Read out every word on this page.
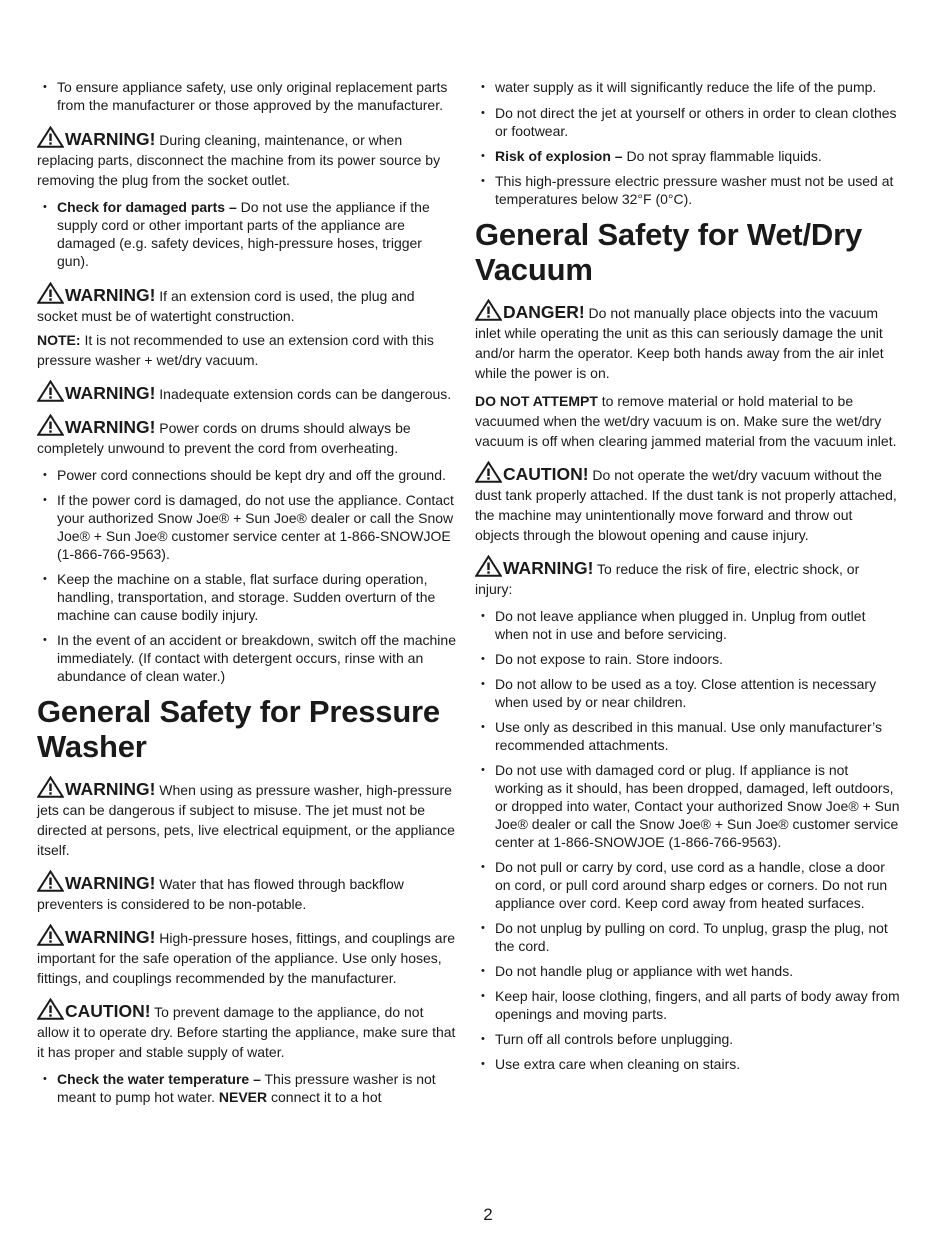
• To ensure appliance safety, use only original replacement parts from the manufacturer or those approved by the manufacturer.
WARNING! During cleaning, maintenance, or when replacing parts, disconnect the machine from its power source by removing the plug from the socket outlet.
• Check for damaged parts – Do not use the appliance if the supply cord or other important parts of the appliance are damaged (e.g. safety devices, high-pressure hoses, trigger gun).
WARNING! If an extension cord is used, the plug and socket must be of watertight construction.
NOTE: It is not recommended to use an extension cord with this pressure washer + wet/dry vacuum.
WARNING! Inadequate extension cords can be dangerous.
WARNING! Power cords on drums should always be completely unwound to prevent the cord from overheating.
• Power cord connections should be kept dry and off the ground.
• If the power cord is damaged, do not use the appliance. Contact your authorized Snow Joe® + Sun Joe® dealer or call the Snow Joe® + Sun Joe® customer service center at 1-866-SNOWJOE (1-866-766-9563).
• Keep the machine on a stable, flat surface during operation, handling, transportation, and storage. Sudden overturn of the machine can cause bodily injury.
• In the event of an accident or breakdown, switch off the machine immediately. (If contact with detergent occurs, rinse with an abundance of clean water.)
General Safety for Pressure Washer
WARNING! When using as pressure washer, high-pressure jets can be dangerous if subject to misuse. The jet must not be directed at persons, pets, live electrical equipment, or the appliance itself.
WARNING! Water that has flowed through backflow preventers is considered to be non-potable.
WARNING! High-pressure hoses, fittings, and couplings are important for the safe operation of the appliance. Use only hoses, fittings, and couplings recommended by the manufacturer.
CAUTION! To prevent damage to the appliance, do not allow it to operate dry. Before starting the appliance, make sure that it has proper and stable supply of water.
• Check the water temperature – This pressure washer is not meant to pump hot water. NEVER connect it to a hot
• water supply as it will significantly reduce the life of the pump.
• Do not direct the jet at yourself or others in order to clean clothes or footwear.
• Risk of explosion – Do not spray flammable liquids.
• This high-pressure electric pressure washer must not be used at temperatures below 32°F (0°C).
General Safety for Wet/Dry Vacuum
DANGER! Do not manually place objects into the vacuum inlet while operating the unit as this can seriously damage the unit and/or harm the operator. Keep both hands away from the air inlet while the power is on.
DO NOT ATTEMPT to remove material or hold material to be vacuumed when the wet/dry vacuum is on. Make sure the wet/dry vacuum is off when clearing jammed material from the vacuum inlet.
CAUTION! Do not operate the wet/dry vacuum without the dust tank properly attached. If the dust tank is not properly attached, the machine may unintentionally move forward and throw out objects through the blowout opening and cause injury.
WARNING! To reduce the risk of fire, electric shock, or injury:
• Do not leave appliance when plugged in. Unplug from outlet when not in use and before servicing.
• Do not expose to rain. Store indoors.
• Do not allow to be used as a toy. Close attention is necessary when used by or near children.
• Use only as described in this manual. Use only manufacturer’s recommended attachments.
• Do not use with damaged cord or plug. If appliance is not working as it should, has been dropped, damaged, left outdoors, or dropped into water, Contact your authorized Snow Joe® + Sun Joe® dealer or call the Snow Joe® + Sun Joe® customer service center at 1-866-SNOWJOE (1-866-766-9563).
• Do not pull or carry by cord, use cord as a handle, close a door on cord, or pull cord around sharp edges or corners. Do not run appliance over cord. Keep cord away from heated surfaces.
• Do not unplug by pulling on cord. To unplug, grasp the plug, not the cord.
• Do not handle plug or appliance with wet hands.
• Keep hair, loose clothing, fingers, and all parts of body away from openings and moving parts.
• Turn off all controls before unplugging.
• Use extra care when cleaning on stairs.
2
